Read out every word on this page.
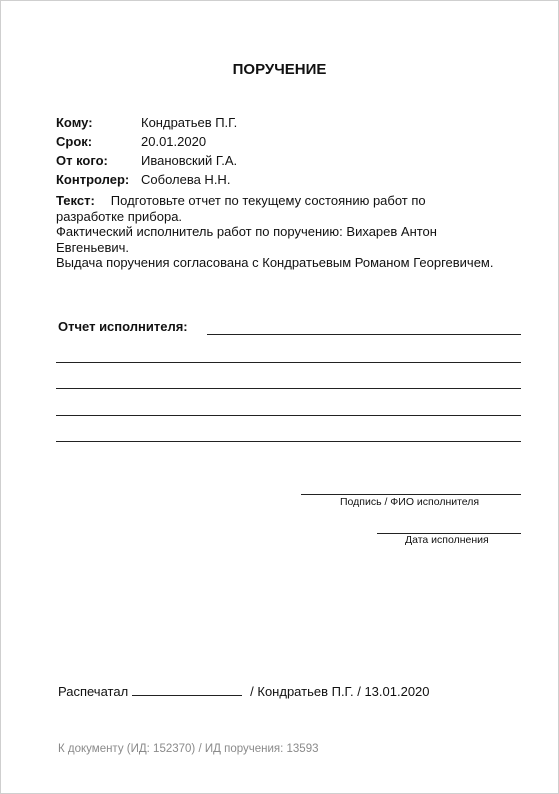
ПОРУЧЕНИЕ
Кому:	Кондратьев П.Г.
Срок:	20.01.2020
От кого:	Ивановский Г.А.
Контролер: Соболева Н.Н.
Текст: Подготовьте отчет по текущему состоянию работ по
разработке прибора.
Фактический исполнитель работ по поручению: Вихарев Антон
Евгеньевич.
Выдача поручения согласована с Кондратьевым Романом Георгевичем.
Отчет исполнителя:
Подпись / ФИО исполнителя
Дата исполнения
Распечатал	/ Кондратьев П.Г. / 13.01.2020
К документу (ИД: 152370) / ИД поручения: 13593
